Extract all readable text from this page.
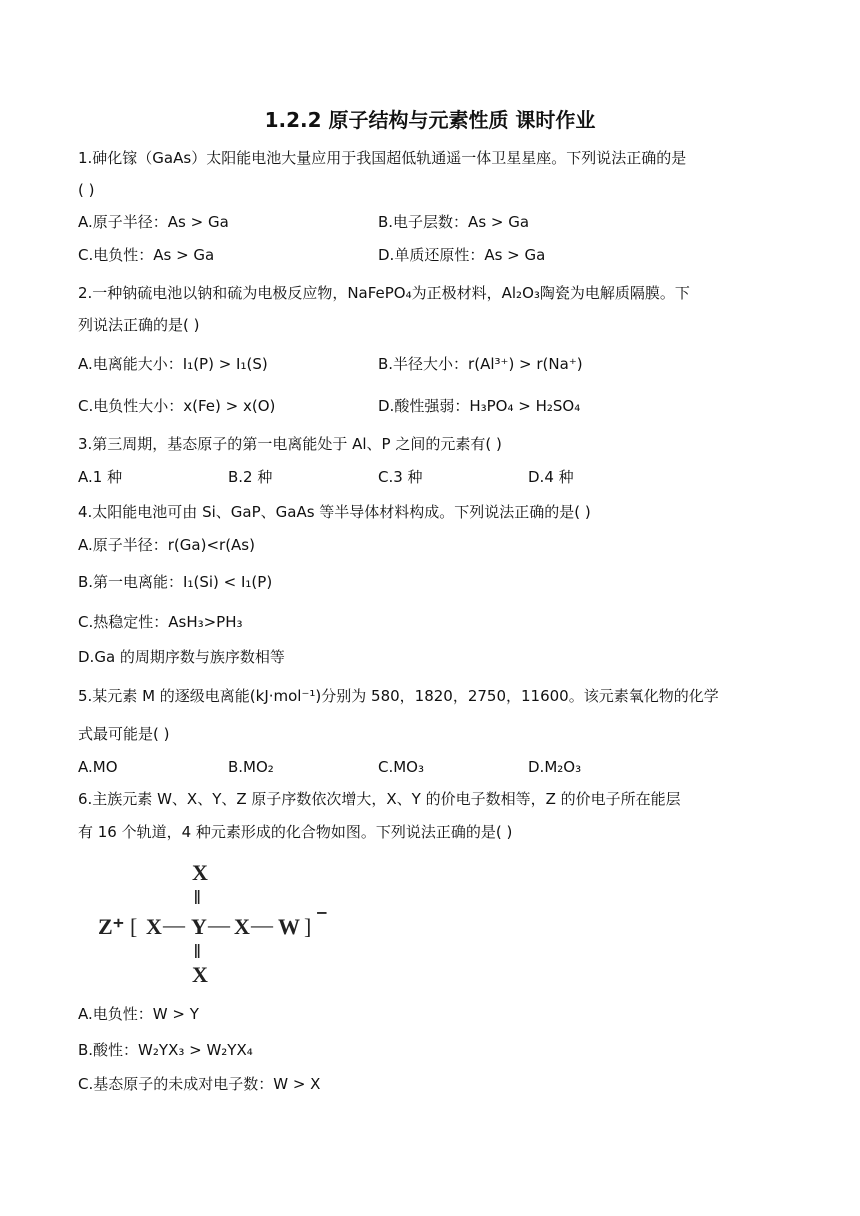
1.2.2 原子结构与元素性质 课时作业
1.砷化镓（GaAs）太阳能电池大量应用于我国超低轨通遥一体卫星星座。下列说法正确的是
( )
A.原子半径：As > Ga	B.电子层数：As > Ga
C.电负性：As > Ga	D.单质还原性：As > Ga
2.一种钠硫电池以钠和硫为电极反应物，NaFePO₄为正极材料，Al₂O₃陶瓷为电解质隔膜。下
列说法正确的是( )
A.电离能大小：I₁(P) > I₁(S)	B.半径大小：r(Al³⁺) > r(Na⁺)
C.电负性大小：x(Fe) > x(O)	D.酸性强弱：H₃PO₄ > H₂SO₄
3.第三周期，基态原子的第一电离能处于 Al、P 之间的元素有( )
A.1 种	B.2 种	C.3 种	D.4 种
4.太阳能电池可由 Si、GaP、GaAs 等半导体材料构成。下列说法正确的是( )
A.原子半径：r(Ga)<r(As)
B.第一电离能：I₁(Si) < I₁(P)
C.热稳定性：AsH₃>PH₃
D.Ga 的周期序数与族序数相等
5.某元素 M 的逐级电离能(kJ·mol⁻¹)分别为 580，1820，2750，11600。该元素氧化物的化学
式最可能是( )
A.MO	B.MO₂	C.MO₃	D.M₂O₃
6.主族元素 W、X、Y、Z 原子序数依次增大，X、Y 的价电子数相等，Z 的价电子所在能层
有 16 个轨道，4 种元素形成的化合物如图。下列说法正确的是( )
X
‖
Z⁺ [ X — Y — X — W ] ⁻
‖
X
A.电负性：W > Y
B.酸性：W₂YX₃ > W₂YX₄
C.基态原子的未成对电子数：W > X
